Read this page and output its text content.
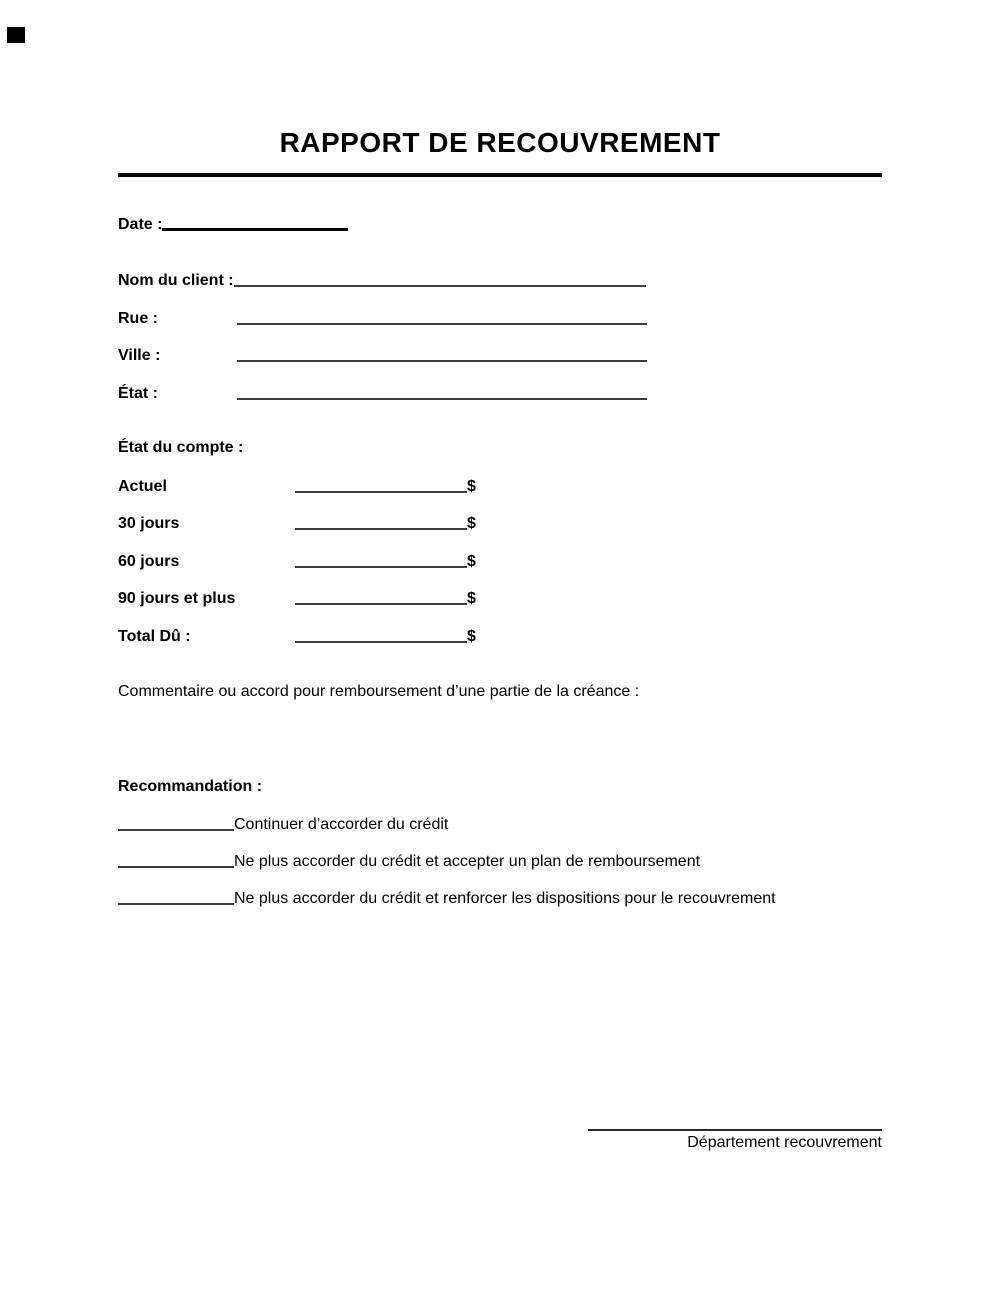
RAPPORT DE RECOUVREMENT
Date :
Nom du client :
Rue :
Ville :
État :
État du compte :
Actuel	$
30 jours	$
60 jours	$
90 jours et plus	$
Total Dû :	$
Commentaire ou accord pour remboursement d’une partie de la créance :
Recommandation :
Continuer d’accorder du crédit
Ne plus accorder du crédit et accepter un plan de remboursement
Ne plus accorder du crédit et renforcer les dispositions pour le recouvrement
Département recouvrement
